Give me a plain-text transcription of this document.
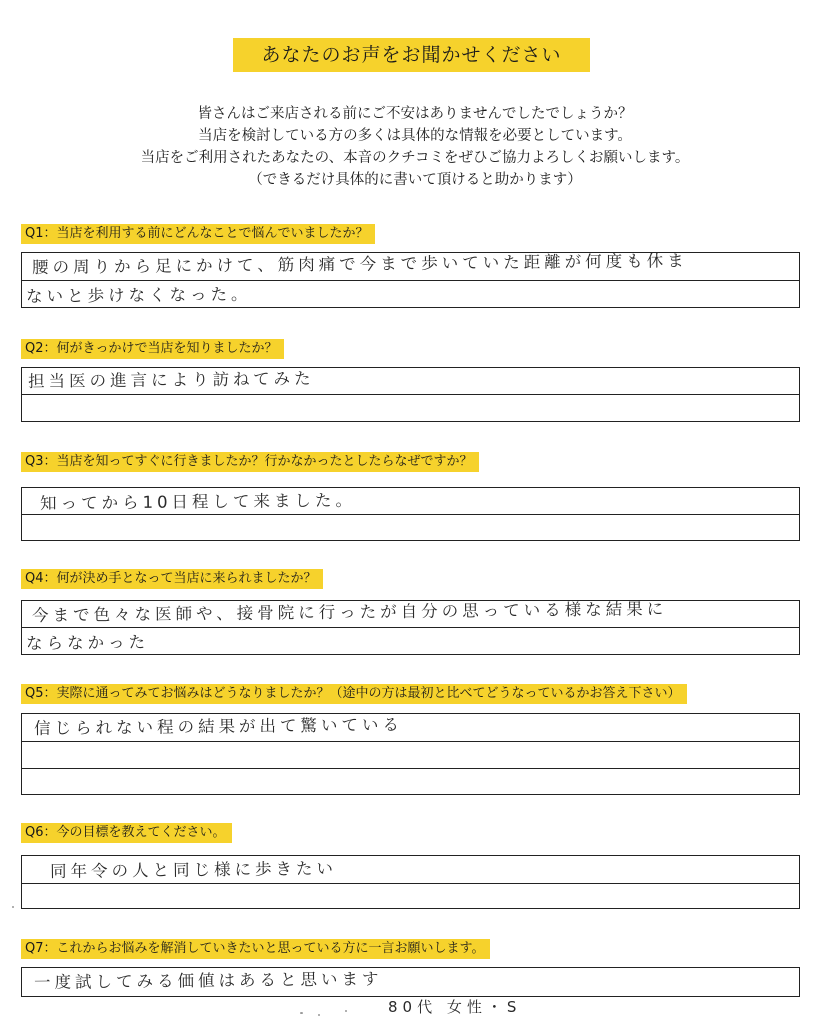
あなたのお声をお聞かせください
皆さんはご来店される前にご不安はありませんでしたでしょうか？
当店を検討している方の多くは具体的な情報を必要としています。
当店をご利用されたあなたの、本音のクチコミをぜひご協力よろしくお願いします。
（できるだけ具体的に書いて頂けると助かります）
Q1：当店を利用する前にどんなことで悩んでいましたか？
腰の周りから足にかけて、筋肉痛で今まで歩いていた距離が何度も休ま
ないと歩けなくなった。
Q2：何がきっかけで当店を知りましたか？
担当医の進言により訪ねてみた
Q3：当店を知ってすぐに行きましたか？行かなかったとしたらなぜですか？
知ってから10日程して来ました。
Q4：何が決め手となって当店に来られましたか？
今まで色々な医師や、接骨院に行ったが自分の思っている様な結果に
ならなかった
Q5：実際に通ってみてお悩みはどうなりましたか？（途中の方は最初と比べてどうなっているかお答え下さい）
信じられない程の結果が出て驚いている
Q6：今の目標を教えてください。
同年令の人と同じ様に歩きたい
Q7：これからお悩みを解消していきたいと思っている方に一言お願いします。
一度試してみる価値はあると思います
80代 女性・S
